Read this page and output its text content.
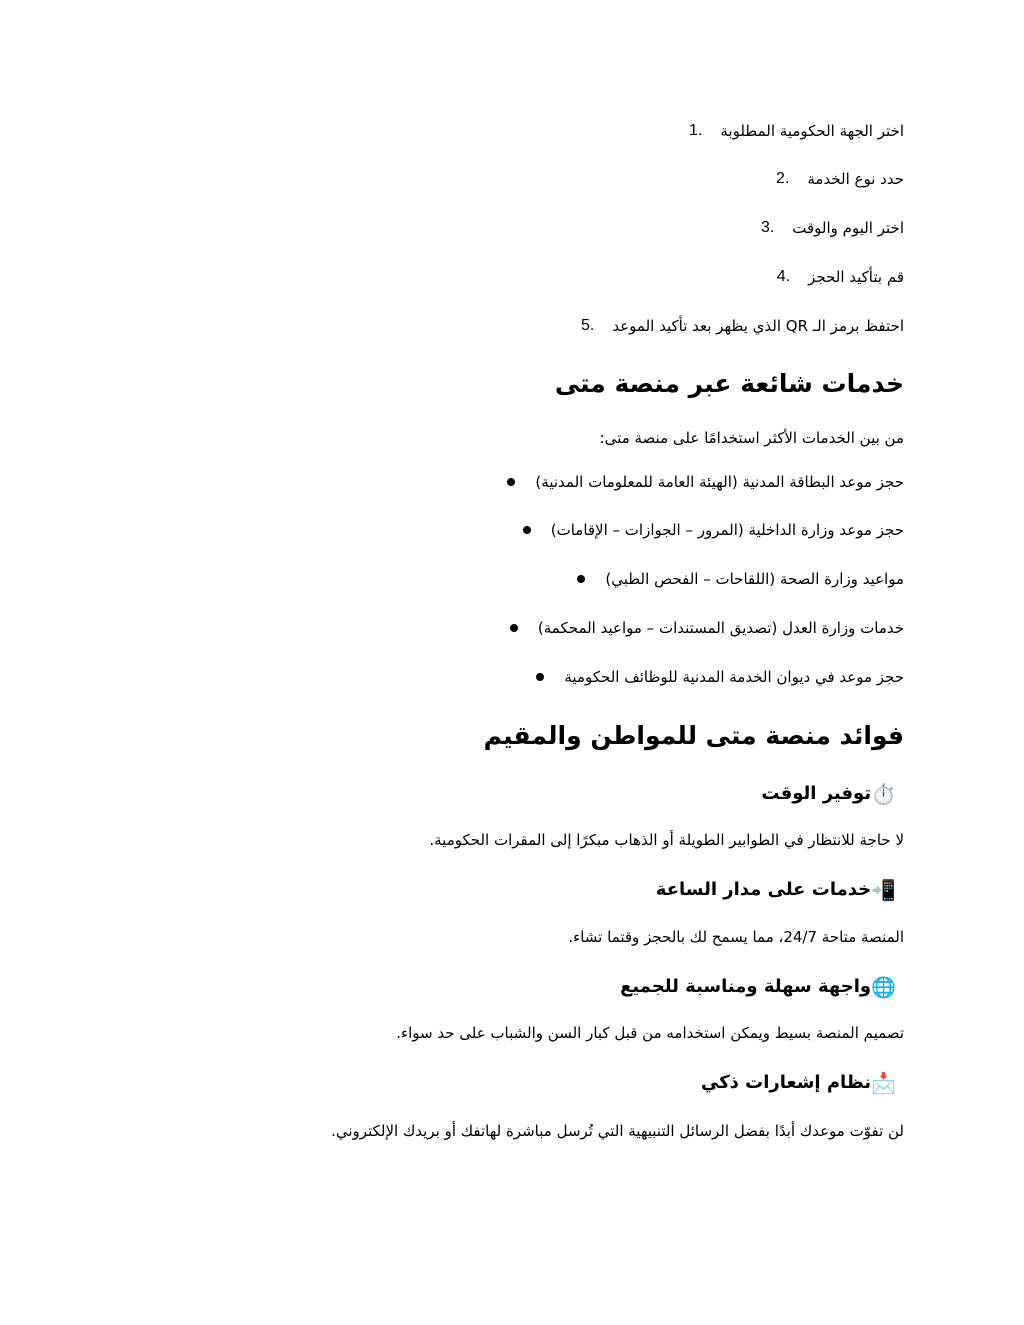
اختر الجهة الحكومية المطلوبة
1.
حدد نوع الخدمة
2.
اختر اليوم والوقت
3.
قم بتأكيد الحجز
4.
احتفظ برمز الـ QR الذي يظهر بعد تأكيد الموعد
5.
خدمات شائعة عبر منصة متى

من بين الخدمات الأكثر استخدامًا على منصة متى:

حجز موعد البطاقة المدنية (الهيئة العامة للمعلومات المدنية)
حجز موعد وزارة الداخلية (المرور – الجوازات – الإقامات)
مواعيد وزارة الصحة (اللقاحات – الفحص الطبي)
خدمات وزارة العدل (تصديق المستندات – مواعيد المحكمة)
حجز موعد في ديوان الخدمة المدنية للوظائف الحكومية
فوائد منصة متى للمواطن والمقيم
توفير الوقت ⏱️

لا حاجة للانتظار في الطوابير الطويلة أو الذهاب مبكرًا إلى المقرات الحكومية.

خدمات على مدار الساعة 📲

المنصة متاحة 24/7، مما يسمح لك بالحجز وقتما تشاء.

واجهة سهلة ومناسبة للجميع 🌐

تصميم المنصة بسيط ويمكن استخدامه من قبل كبار السن والشباب على حد سواء.

نظام إشعارات ذكي 📩

لن تفوّت موعدك أبدًا بفضل الرسائل التنبيهية التي تُرسل مباشرة لهاتفك أو بريدك الإلكتروني.
